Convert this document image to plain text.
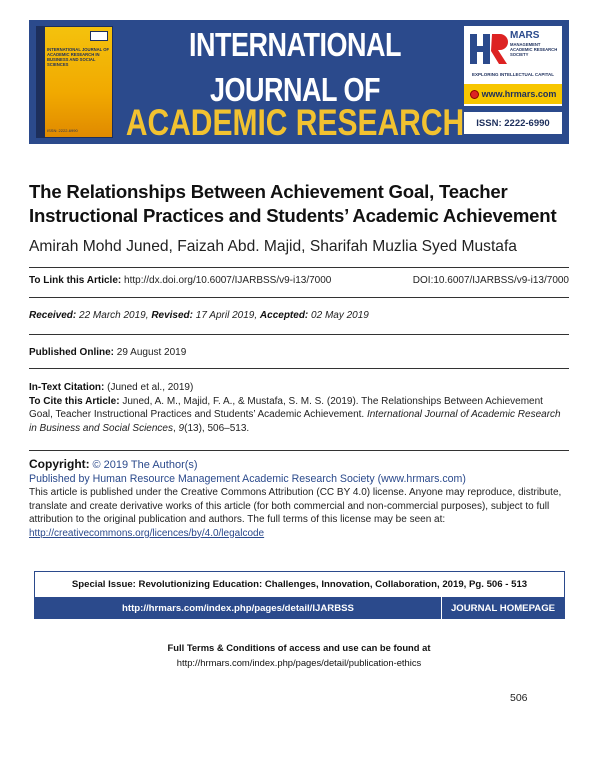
INTERNATIONAL JOURNAL OF ACADEMIC RESEARCH IN BUSINESS AND SOCIAL SCIENCES
ISSN: 2222-6990
INTERNATIONAL JOURNAL OF
ACADEMIC RESEARCH
MARS
MANAGEMENT ACADEMIC RESEARCH SOCIETY
EXPLORING INTELLECTUAL CAPITAL
www.hrmars.com
ISSN: 2222-6990
The Relationships Between Achievement Goal, Teacher Instructional Practices and Students’ Academic Achievement
Amirah Mohd Juned, Faizah Abd. Majid, Sharifah Muzlia Syed Mustafa
To Link this Article: http://dx.doi.org/10.6007/IJARBSS/v9-i13/7000	DOI:10.6007/IJARBSS/v9-i13/7000
Received: 22 March 2019, Revised: 17 April 2019, Accepted: 02 May 2019
Published Online: 29 August 2019
In-Text Citation: (Juned et al., 2019)
To Cite this Article: Juned, A. M., Majid, F. A., & Mustafa, S. M. S. (2019). The Relationships Between Achievement Goal, Teacher Instructional Practices and Students’ Academic Achievement. International Journal of Academic Research in Business and Social Sciences, 9(13), 506–513.
Copyright: © 2019 The Author(s)
Published by Human Resource Management Academic Research Society (www.hrmars.com)
This article is published under the Creative Commons Attribution (CC BY 4.0) license. Anyone may reproduce, distribute, translate and create derivative works of this article (for both commercial and non-commercial purposes), subject to full attribution to the original publication and authors. The full terms of this license may be seen at: http://creativecommons.org/licences/by/4.0/legalcode
Special Issue: Revolutionizing Education: Challenges, Innovation, Collaboration, 2019, Pg. 506 - 513
http://hrmars.com/index.php/pages/detail/IJARBSS	JOURNAL HOMEPAGE
Full Terms & Conditions of access and use can be found at
http://hrmars.com/index.php/pages/detail/publication-ethics
506
